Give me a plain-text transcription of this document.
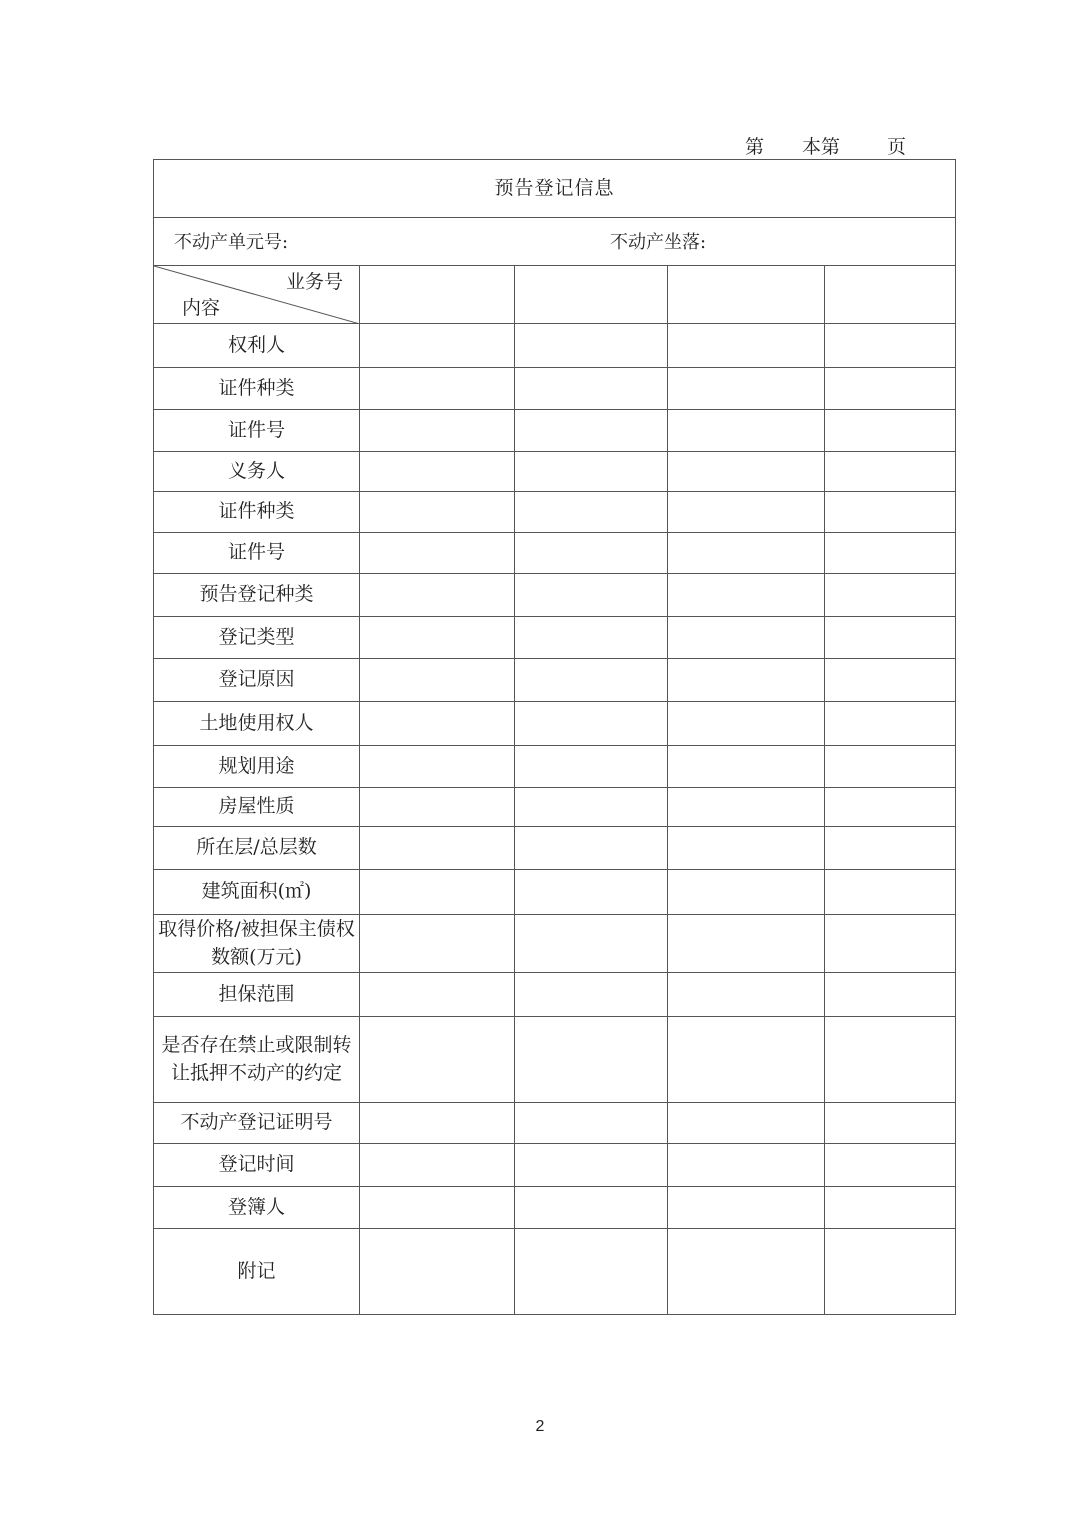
第 本第 页
预告登记信息				

不动产单元号: 不动产坐落:				

业务号
内容				

权利人				
证件种类				
证件号				
义务人				
证件种类				
证件号				
预告登记种类				
登记类型				
登记原因				
土地使用权人				
规划用途				
房屋性质				
所在层/总层数				
建筑面积(㎡)				
取得价格/被担保主债权数额(万元)				
担保范围				
是否存在禁止或限制转让抵押不动产的约定				
不动产登记证明号				
登记时间				
登簿人				
附记				
2
